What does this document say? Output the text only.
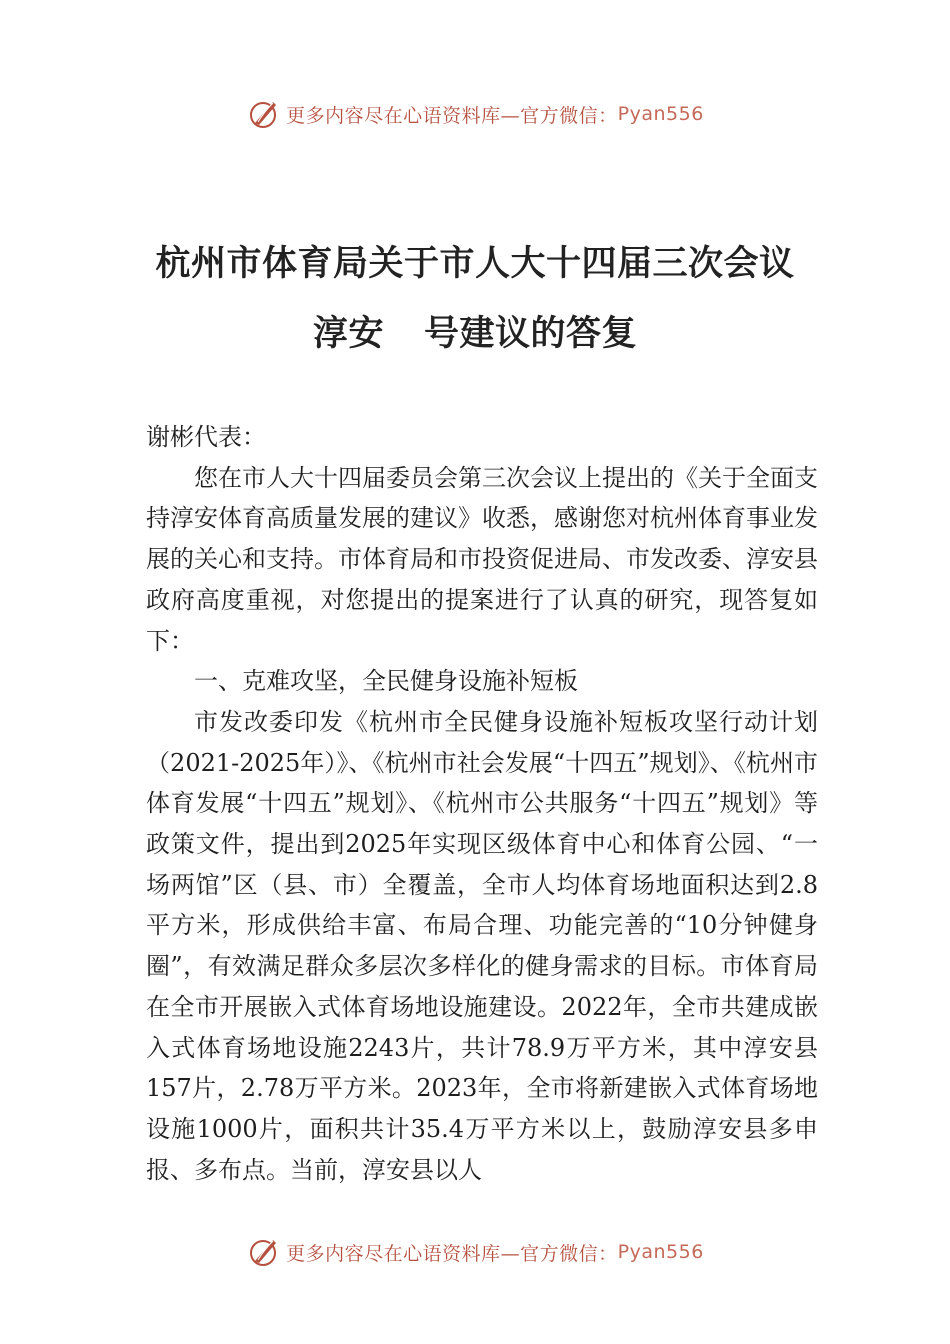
更多内容尽在心语资料库—官方微信： Pyan556
杭州市体育局关于市人大十四届三次会议
淳安 号建议的答复

谢彬代表：

您在市人大十四届委员会第三次会议上提出的《关于全面支持淳安体育高质量发展的建议》收悉，感谢您对杭州体育事业发展的关心和支持。市体育局和市投资促进局、市发改委、淳安县政府高度重视，对您提出的提案进行了认真的研究，现答复如下：

一、克难攻坚，全民健身设施补短板

市发改委印发《杭州市全民健身设施补短板攻坚行动计划（2021-2025年）》、《杭州市社会发展“十四五”规划》、《杭州市体育发展“十四五”规划》、《杭州市公共服务“十四五”规划》等政策文件，提出到2025年实现区级体育中心和体育公园、“一场两馆”区（县、市）全覆盖，全市人均体育场地面积达到2.8平方米，形成供给丰富、布局合理、功能完善的“10分钟健身圈”，有效满足群众多层次多样化的健身需求的目标。市体育局在全市开展嵌入式体育场地设施建设。2022年，全市共建成嵌入式体育场地设施2243片，共计78.9万平方米，其中淳安县157片，2.78万平方米。2023年，全市将新建嵌入式体育场地设施1000片，面积共计35.4万平方米以上，鼓励淳安县多申报、多布点。当前，淳安县以人

更多内容尽在心语资料库—官方微信： Pyan556
